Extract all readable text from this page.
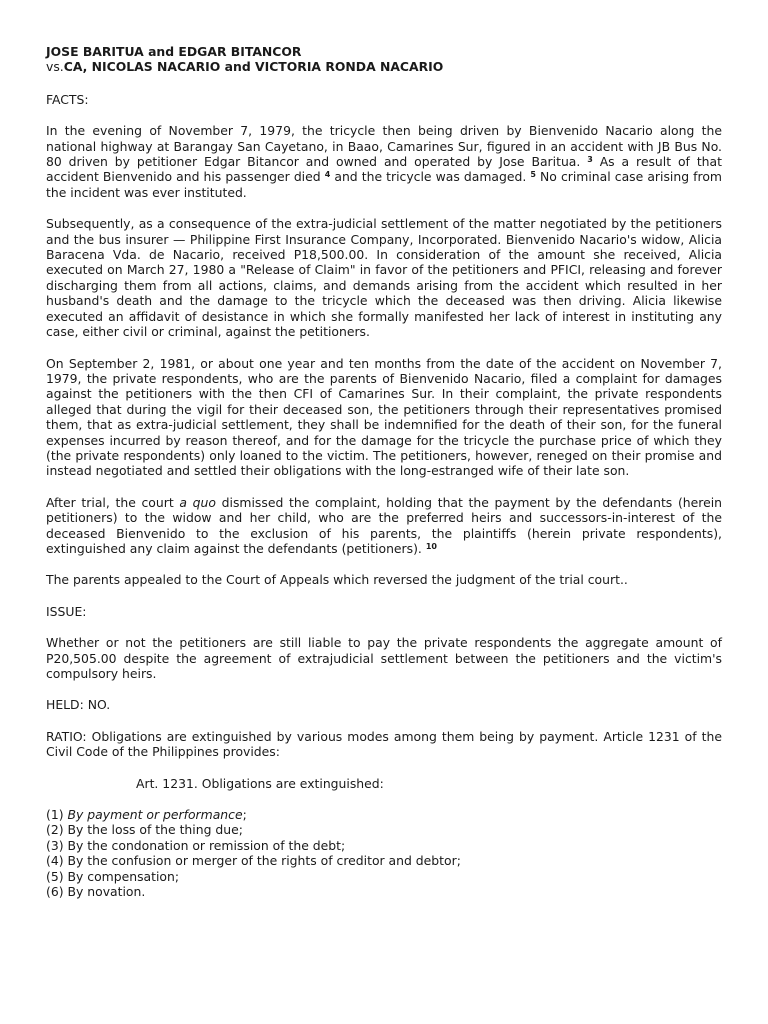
JOSE BARITUA and EDGAR BITANCOR

vs.CA, NICOLAS NACARIO and VICTORIA RONDA NACARIO

FACTS:

In the evening of November 7, 1979, the tricycle then being driven by Bienvenido Nacario along the national highway at Barangay San Cayetano, in Baao, Camarines Sur, figured in an accident with JB Bus No. 80 driven by petitioner Edgar Bitancor and owned and operated by Jose Baritua. $^3$ As a result of that accident Bienvenido and his passenger died $^4$ and the tricycle was damaged. $^5$ No criminal case arising from the incident was ever instituted.

Subsequently, as a consequence of the extra-judicial settlement of the matter negotiated by the petitioners and the bus insurer — Philippine First Insurance Company, Incorporated. Bienvenido Nacario's widow, Alicia Baracena Vda. de Nacario, received P18,500.00. In consideration of the amount she received, Alicia executed on March 27, 1980 a "Release of Claim" in favor of the petitioners and PFICI, releasing and forever discharging them from all actions, claims, and demands arising from the accident which resulted in her husband's death and the damage to the tricycle which the deceased was then driving. Alicia likewise executed an affidavit of desistance in which she formally manifested her lack of interest in instituting any case, either civil or criminal, against the petitioners.

On September 2, 1981, or about one year and ten months from the date of the accident on November 7, 1979, the private respondents, who are the parents of Bienvenido Nacario, filed a complaint for damages against the petitioners with the then CFI of Camarines Sur. In their complaint, the private respondents alleged that during the vigil for their deceased son, the petitioners through their representatives promised them, that as extra-judicial settlement, they shall be indemnified for the death of their son, for the funeral expenses incurred by reason thereof, and for the damage for the tricycle the purchase price of which they (the private respondents) only loaned to the victim. The petitioners, however, reneged on their promise and instead negotiated and settled their obligations with the long-estranged wife of their late son.

After trial, the court a quo dismissed the complaint, holding that the payment by the defendants (herein petitioners) to the widow and her child, who are the preferred heirs and successors-in-interest of the deceased Bienvenido to the exclusion of his parents, the plaintiffs (herein private respondents), extinguished any claim against the defendants (petitioners). $^{10}$

The parents appealed to the Court of Appeals which reversed the judgment of the trial court..

ISSUE:

Whether or not the petitioners are still liable to pay the private respondents the aggregate amount of P20,505.00 despite the agreement of extrajudicial settlement between the petitioners and the victim's compulsory heirs.

HELD: NO.

RATIO: Obligations are extinguished by various modes among them being by payment. Article 1231 of the Civil Code of the Philippines provides:

Art. 1231. Obligations are extinguished:

(1) By payment or performance;
(2) By the loss of the thing due;
(3) By the condonation or remission of the debt;
(4) By the confusion or merger of the rights of creditor and debtor;
(5) By compensation;
(6) By novation.
